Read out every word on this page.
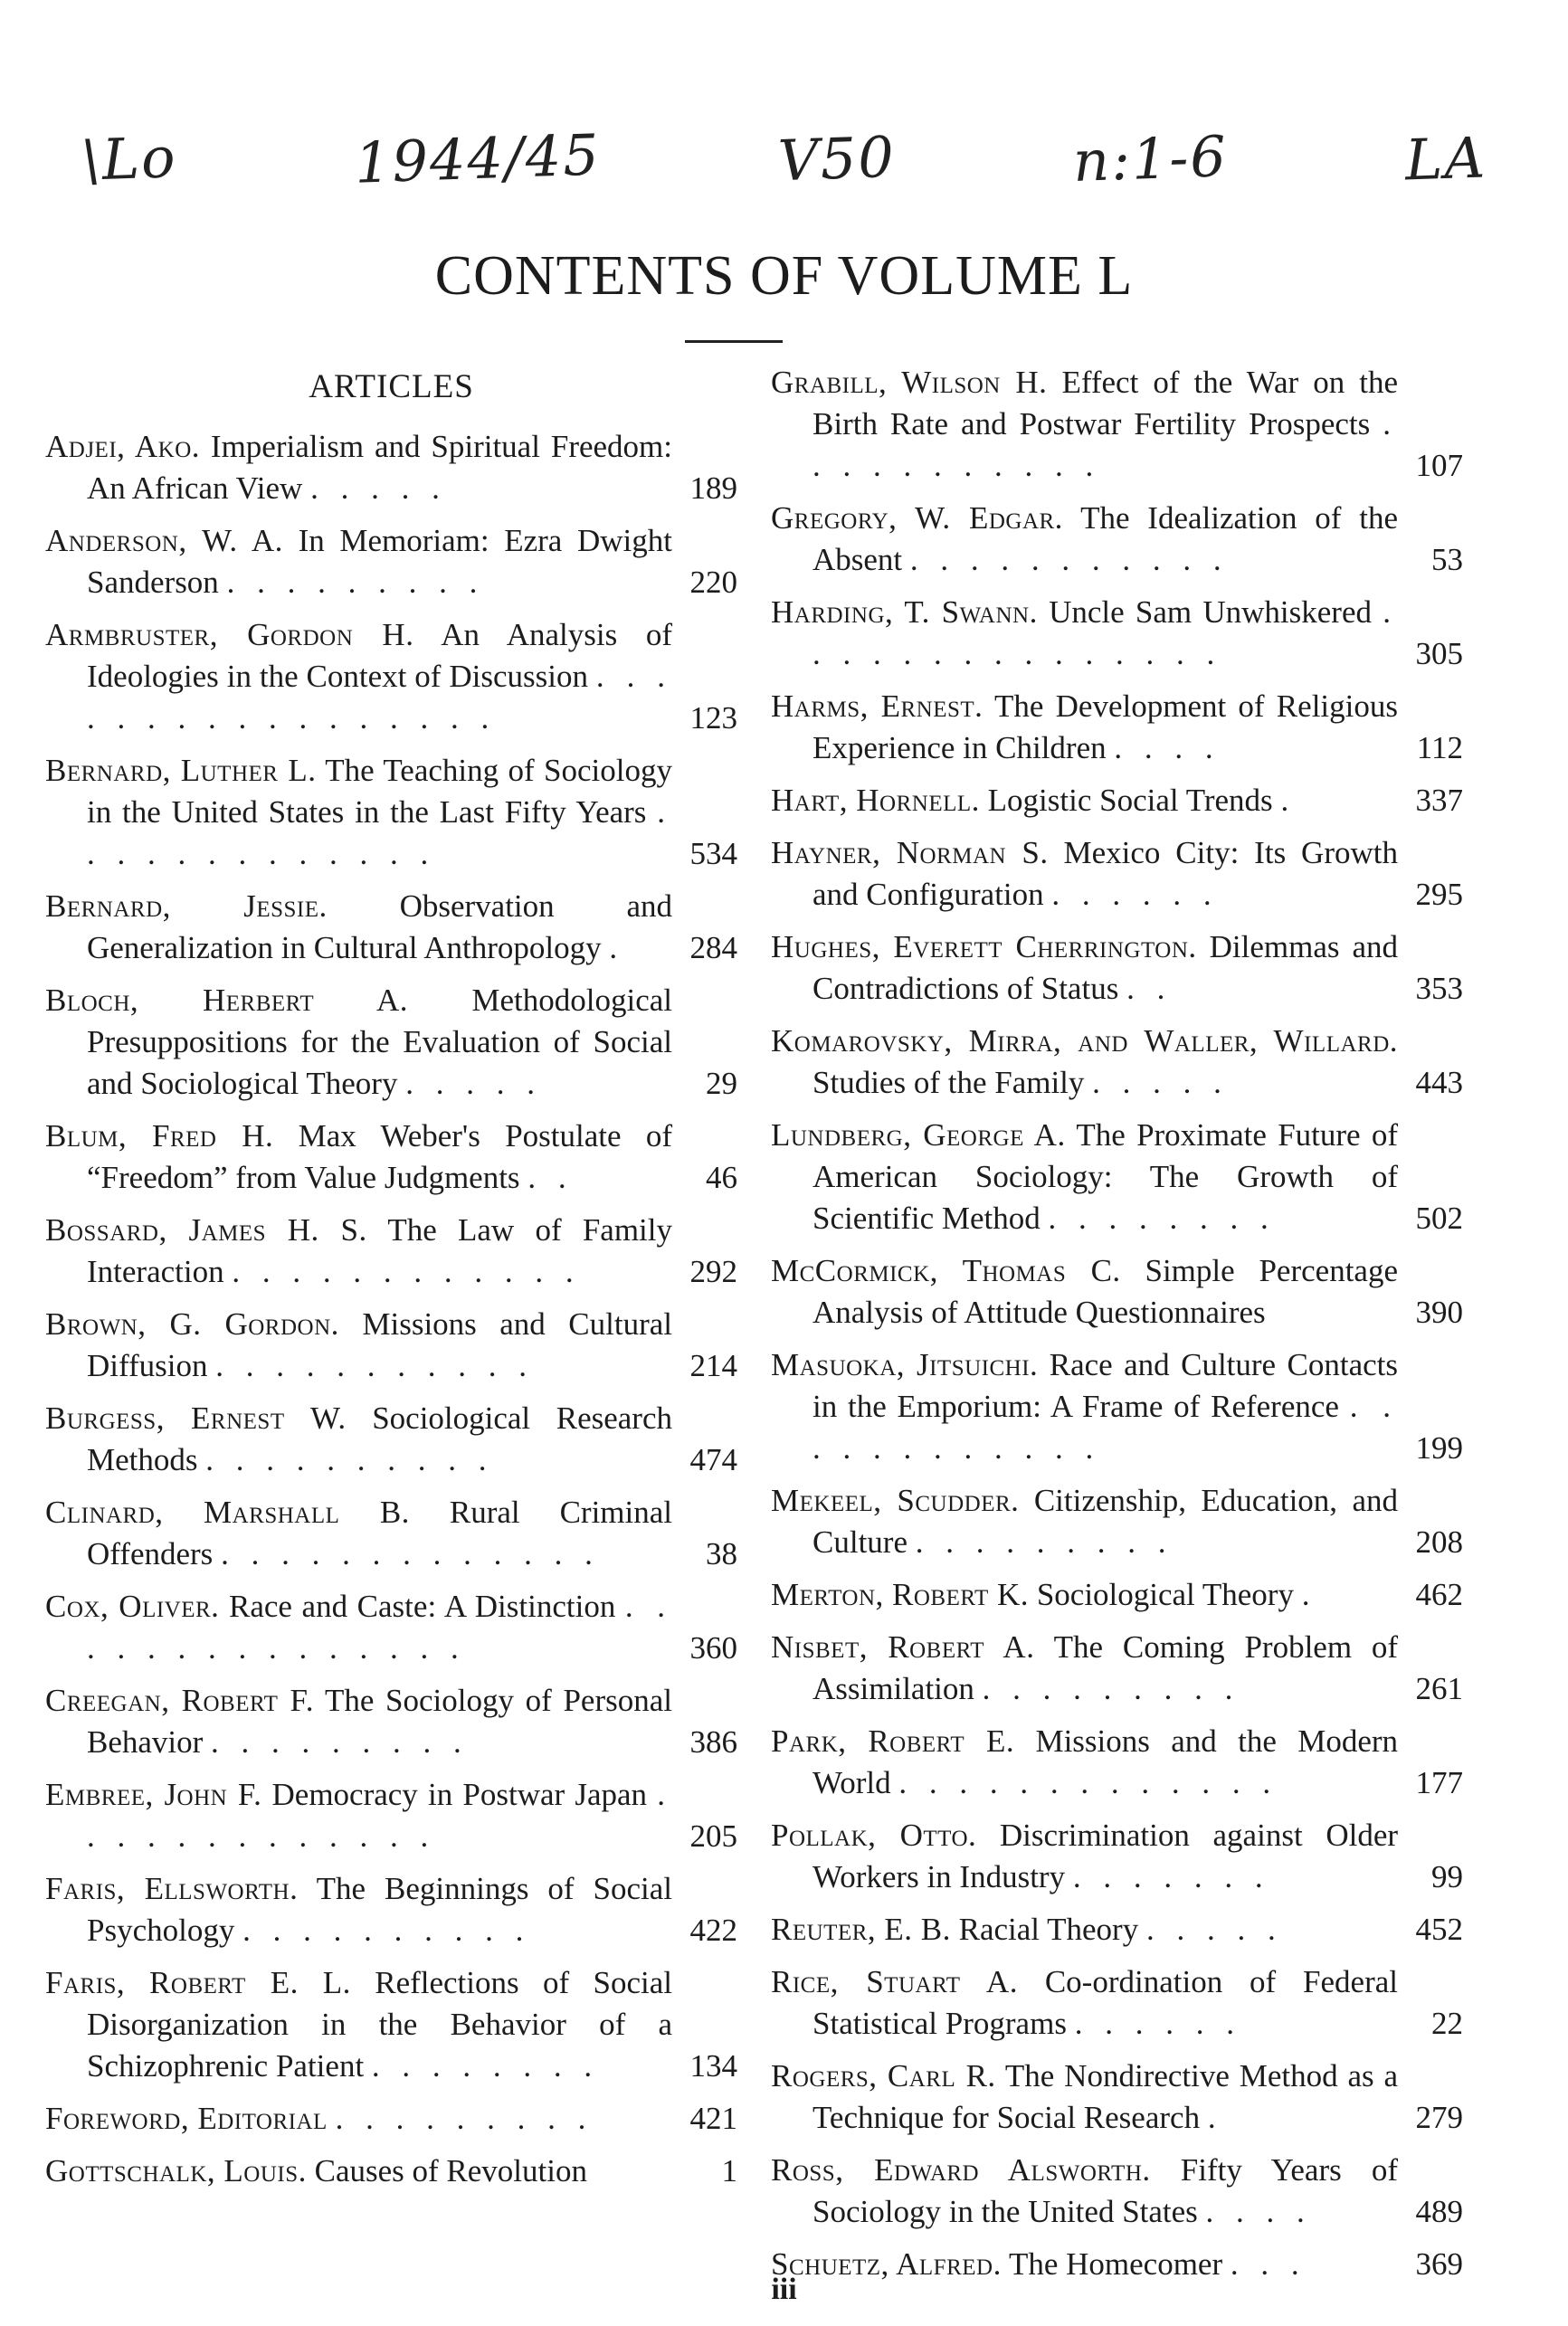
\Lo	1944/45	V50	n:1-6	LA
CONTENTS OF VOLUME L
ARTICLES
Adjei, Ako. Imperialism and Spiritual Freedom: An African View . . . . .	189
Anderson, W. A. In Memoriam: Ezra Dwight Sanderson . . . . . . . . .	220
Armbruster, Gordon H. An Analysis of Ideologies in the Context of Discussion . . . . . . . . . . . . . . . . .	123
Bernard, Luther L. The Teaching of Sociology in the United States in the Last Fifty Years . . . . . . . . . . . . .	534
Bernard, Jessie. Observation and Generalization in Cultural Anthropology .	284
Bloch, Herbert A. Methodological Presuppositions for the Evaluation of Social and Sociological Theory . . . . .	29
Blum, Fred H. Max Weber's Postulate of “Freedom” from Value Judgments . .	46
Bossard, James H. S. The Law of Family Interaction . . . . . . . . . . . .	292
Brown, G. Gordon. Missions and Cultural Diffusion . . . . . . . . . . .	214
Burgess, Ernest W. Sociological Research Methods . . . . . . . . . .	474
Clinard, Marshall B. Rural Criminal Offenders . . . . . . . . . . . . .	38
Cox, Oliver. Race and Caste: A Distinction . . . . . . . . . . . . . . .	360
Creegan, Robert F. The Sociology of Personal Behavior . . . . . . . . .	386
Embree, John F. Democracy in Postwar Japan . . . . . . . . . . . . .	205
Faris, Ellsworth. The Beginnings of Social Psychology . . . . . . . . . .	422
Faris, Robert E. L. Reflections of Social Disorganization in the Behavior of a Schizophrenic Patient . . . . . . . .	134
Foreword, Editorial . . . . . . . . .	421
Gottschalk, Louis. Causes of Revolution	1
Grabill, Wilson H. Effect of the War on the Birth Rate and Postwar Fertility Prospects . . . . . . . . . . .	107
Gregory, W. Edgar. The Idealization of the Absent . . . . . . . . . . .	53
Harding, T. Swann. Uncle Sam Unwhiskered . . . . . . . . . . . . . . .	305
Harms, Ernest. The Development of Religious Experience in Children . . . .	112
Hart, Hornell. Logistic Social Trends .	337
Hayner, Norman S. Mexico City: Its Growth and Configuration . . . . . .	295
Hughes, Everett Cherrington. Dilemmas and Contradictions of Status . .	353
Komarovsky, Mirra, and Waller, Willard. Studies of the Family . . . . .	443
Lundberg, George A. The Proximate Future of American Sociology: The Growth of Scientific Method . . . . . . . .	502
McCormick, Thomas C. Simple Percentage Analysis of Attitude Questionnaires	390
Masuoka, Jitsuichi. Race and Culture Contacts in the Emporium: A Frame of Reference . . . . . . . . . . . .	199
Mekeel, Scudder. Citizenship, Education, and Culture . . . . . . . . .	208
Merton, Robert K. Sociological Theory .	462
Nisbet, Robert A. The Coming Problem of Assimilation . . . . . . . . .	261
Park, Robert E. Missions and the Modern World . . . . . . . . . . . . .	177
Pollak, Otto. Discrimination against Older Workers in Industry . . . . . . .	99
Reuter, E. B. Racial Theory . . . . .	452
Rice, Stuart A. Co-ordination of Federal Statistical Programs . . . . . .	22
Rogers, Carl R. The Nondirective Method as a Technique for Social Research .	279
Ross, Edward Alsworth. Fifty Years of Sociology in the United States . . . .	489
Schuetz, Alfred. The Homecomer . . .	369
iii
